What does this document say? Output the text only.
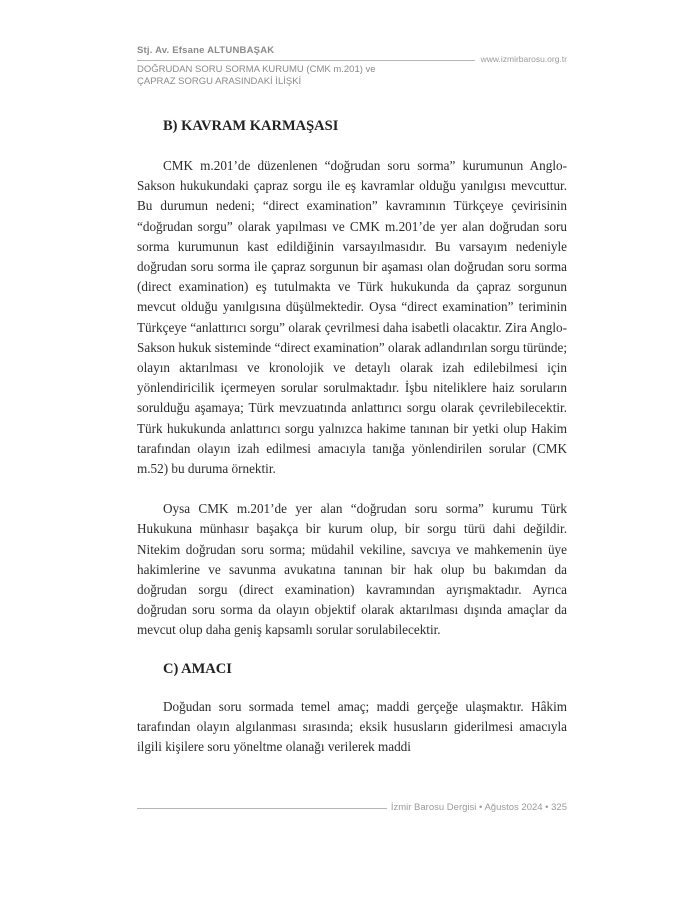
Stj. Av. Efsane ALTUNBAŞAK
www.izmirbarosu.org.tr
DOĞRUDAN SORU SORMA KURUMU (CMK m.201) ve
ÇAPRAZ SORGU ARASINDAKİ İLİŞKİ
B) KAVRAM KARMAŞASI

CMK m.201’de düzenlenen “doğrudan soru sorma” kurumunun Anglo-Sakson hukukundaki çapraz sorgu ile eş kavramlar olduğu yanılgısı mevcuttur. Bu durumun nedeni; “direct examination” kavramının Türkçeye çevirisinin “doğrudan sorgu” olarak yapılması ve CMK m.201’de yer alan doğrudan soru sorma kurumunun kast edildiğinin varsayılmasıdır. Bu varsayım nedeniyle doğrudan soru sorma ile çapraz sorgunun bir aşaması olan doğrudan soru sorma (direct examination) eş tutulmakta ve Türk hukukunda da çapraz sorgunun mevcut olduğu yanılgısına düşülmektedir. Oysa “direct examination” teriminin Türkçeye “anlattırıcı sorgu” olarak çevrilmesi daha isabetli olacaktır. Zira Anglo-Sakson hukuk sisteminde “direct examination” olarak adlandırılan sorgu türünde; olayın aktarılması ve kronolojik ve detaylı olarak izah edilebilmesi için yönlendiricilik içermeyen sorular sorulmaktadır. İşbu niteliklere haiz soruların sorulduğu aşamaya; Türk mevzuatında anlattırıcı sorgu olarak çevrilebilecektir. Türk hukukunda anlattırıcı sorgu yalnızca hakime tanınan bir yetki olup Hakim tarafından olayın izah edilmesi amacıyla tanığa yönlendirilen sorular (CMK m.52) bu duruma örnektir.

Oysa CMK m.201’de yer alan “doğrudan soru sorma” kurumu Türk Hukukuna münhasır başakça bir kurum olup, bir sorgu türü dahi değildir. Nitekim doğrudan soru sorma; müdahil vekiline, savcıya ve mahkemenin üye hakimlerine ve savunma avukatına tanınan bir hak olup bu bakımdan da doğrudan sorgu (direct examination) kavramından ayrışmaktadır. Ayrıca doğrudan soru sorma da olayın objektif olarak aktarılması dışında amaçlar da mevcut olup daha geniş kapsamlı sorular sorulabilecektir.

C) AMACI

Doğudan soru sormada temel amaç; maddi gerçeğe ulaşmaktır. Hâkim tarafından olayın algılanması sırasında; eksik hususların giderilmesi amacıyla ilgili kişilere soru yöneltme olanağı verilerek maddi

İzmir Barosu Dergisi • Ağustos 2024 • 325
